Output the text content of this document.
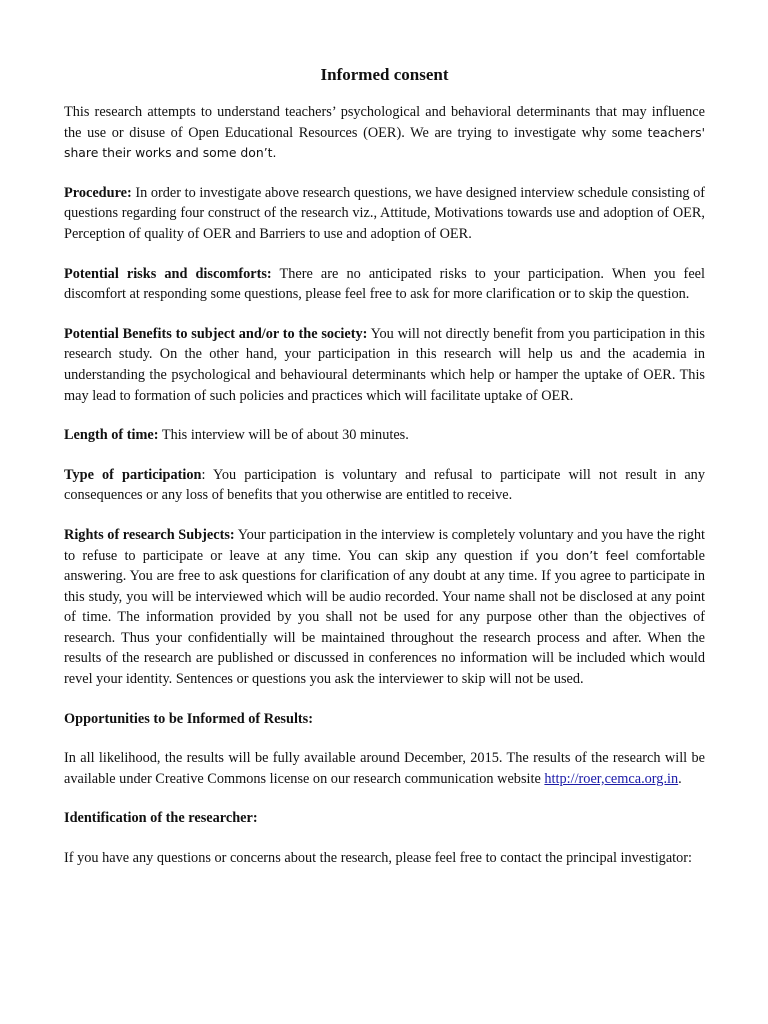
Informed consent

This research attempts to understand teachers’ psychological and behavioral determinants that may influence the use or disuse of Open Educational Resources (OER). We are trying to investigate why some teachers' share their works and some don’t.

Procedure: In order to investigate above research questions, we have designed interview schedule consisting of questions regarding four construct of the research viz., Attitude, Motivations towards use and adoption of OER, Perception of quality of OER and Barriers to use and adoption of OER.

Potential risks and discomforts: There are no anticipated risks to your participation. When you feel discomfort at responding some questions, please feel free to ask for more clarification or to skip the question.

Potential Benefits to subject and/or to the society: You will not directly benefit from you participation in this research study. On the other hand, your participation in this research will help us and the academia in understanding the psychological and behavioural determinants which help or hamper the uptake of OER. This may lead to formation of such policies and practices which will facilitate uptake of OER.

Length of time: This interview will be of about 30 minutes.

Type of participation: You participation is voluntary and refusal to participate will not result in any consequences or any loss of benefits that you otherwise are entitled to receive.

Rights of research Subjects: Your participation in the interview is completely voluntary and you have the right to refuse to participate or leave at any time. You can skip any question if you don’t feel comfortable answering. You are free to ask questions for clarification of any doubt at any time. If you agree to participate in this study, you will be interviewed which will be audio recorded. Your name shall not be disclosed at any point of time. The information provided by you shall not be used for any purpose other than the objectives of research. Thus your confidentially will be maintained throughout the research process and after. When the results of the research are published or discussed in conferences no information will be included which would revel your identity. Sentences or questions you ask the interviewer to skip will not be used.

Opportunities to be Informed of Results:

In all likelihood, the results will be fully available around December, 2015. The results of the research will be available under Creative Commons license on our research communication website http://roer,cemca.org.in.

Identification of the researcher:

If you have any questions or concerns about the research, please feel free to contact the principal investigator:
